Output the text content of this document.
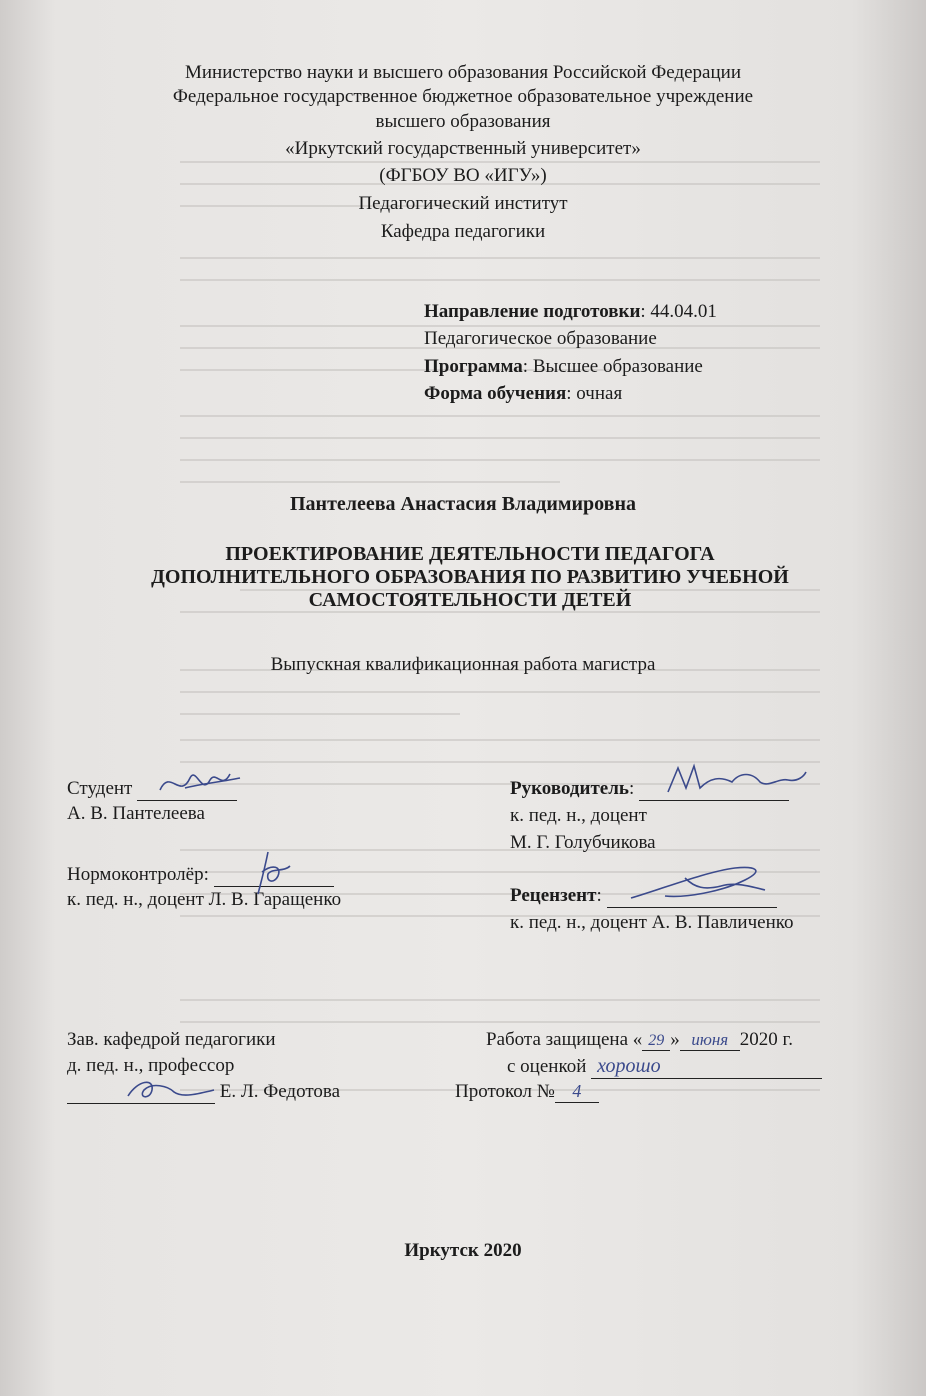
Министерство науки и высшего образования Российской Федерации
Федеральное государственное бюджетное образовательное учреждение
высшего образования
«Иркутский государственный университет»
(ФГБОУ ВО «ИГУ»)
Педагогический институт
Кафедра педагогики
Направление подготовки: 44.04.01
Педагогическое образование
Программа: Высшее образование
Форма обучения: очная
Пантелеева Анастасия Владимировна
ПРОЕКТИРОВАНИЕ ДЕЯТЕЛЬНОСТИ ПЕДАГОГА
ДОПОЛНИТЕЛЬНОГО ОБРАЗОВАНИЯ ПО РАЗВИТИЮ УЧЕБНОЙ
САМОСТОЯТЕЛЬНОСТИ ДЕТЕЙ
Выпускная квалификационная работа магистра
Студент
А. В. Пантелеева
Руководитель:
к. пед. н., доцент
М. Г. Голубчикова
Нормоконтролёр:
к. пед. н., доцент Л. В. Гаращенко	Рецензент:
к. пед. н., доцент А. В. Павличенко
Зав. кафедрой педагогики
д. пед. н., профессор
Е. Л. Федотова
Работа защищена « 29 » июня 2020 г.
с оценкой хорошо
Протокол № 4
Иркутск 2020
